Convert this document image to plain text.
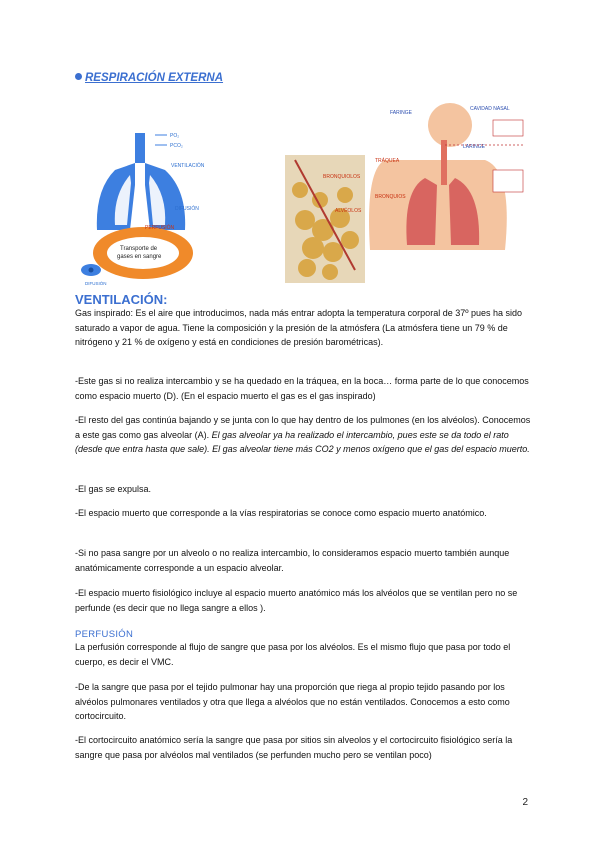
RESPIRACIÓN EXTERNA
PO₂
PCO₂
VENTILACIÓN
DIFUSIÓN
PERFUSIÓN
Transporte de gases en sangre
DIFUSIÓN
FARINGE
CAVIDAD NASAL
LARINGE
TRÁQUEA
BRONQUIOLOS
ALVÉOLOS
BRONQUIOS
VENTILACIÓN:

Gas inspirado: Es el aire que introducimos, nada más entrar adopta la temperatura corporal de 37º pues ha sido saturado a vapor de agua. Tiene la composición y la presión de la atmósfera (La atmósfera tiene un 79 % de nitrógeno y 21 % de oxígeno y está en condiciones de presión barométricas).

-Este gas si no realiza intercambio y se ha quedado en la tráquea, en la boca… forma parte de lo que conocemos como espacio muerto (D). (En el espacio muerto el gas es el gas inspirado)

-El resto del gas continúa bajando y se junta con lo que hay dentro de los pulmones (en los alvéolos). Conocemos a este gas como gas alveolar (A). El gas alveolar ya ha realizado el intercambio, pues este se da todo el rato (desde que entra hasta que sale). El gas alveolar tiene más CO2 y menos oxígeno que el gas del espacio muerto.

-El gas se expulsa.

-El espacio muerto que corresponde a la vías respiratorias se conoce como espacio muerto anatómico.

-Si no pasa sangre por un alveolo o no realiza intercambio, lo consideramos espacio muerto también aunque anatómicamente corresponde a un espacio alveolar.

-El espacio muerto fisiológico incluye al espacio muerto anatómico más los alvéolos que se ventilan pero no se perfunde (es decir que no llega sangre a ellos ).

PERFUSIÓN

La perfusión corresponde al flujo de sangre que pasa por los alvéolos. Es el mismo flujo que pasa por todo el cuerpo, es decir el VMC.

-De la sangre que pasa por el tejido pulmonar hay una proporción que riega al propio tejido pasando por los alvéolos pulmonares ventilados y otra que llega a alvéolos que no están ventilados. Conocemos a esto como cortocircuito.

-El cortocircuito anatómico sería la sangre que pasa por sitios sin alveolos y el cortocircuito fisiológico sería la sangre que pasa por alvéolos mal ventilados (se perfunden mucho pero se ventilan poco)

2
